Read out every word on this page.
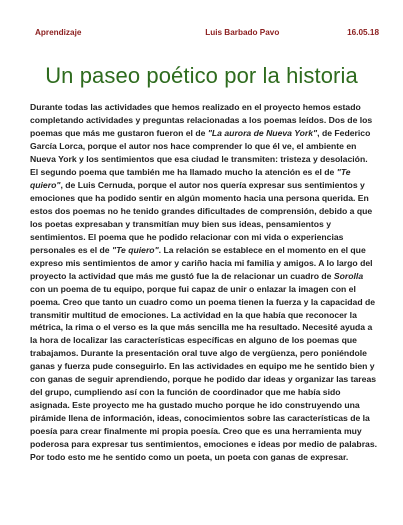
Aprendizaje	Luis Barbado Pavo	16.05.18
Un paseo poético por la historia

Durante todas las actividades que hemos realizado en el proyecto hemos estado completando actividades y preguntas relacionadas a los poemas leídos. Dos de los poemas que más me gustaron fueron el de "La aurora de Nueva York", de Federico García Lorca, porque el autor nos hace comprender lo que él ve, el ambiente en Nueva York y los sentimientos que esa ciudad le transmiten: tristeza y desolación. El segundo poema que también me ha llamado mucho la atención es el de "Te quiero", de Luis Cernuda, porque el autor nos quería expresar sus sentimientos y emociones que ha podido sentir en algún momento hacia una persona querida. En estos dos poemas no he tenido grandes dificultades de comprensión, debido a que los poetas expresaban y transmitían muy bien sus ideas, pensamientos y sentimientos. El poema que he podido relacionar con mi vida o experiencias personales es el de "Te quiero". La relación se establece en el momento en el que expreso mis sentimientos de amor y cariño hacia mi familia y amigos. A lo largo del proyecto la actividad que más me gustó fue la de relacionar un cuadro de Sorolla con un poema de tu equipo, porque fui capaz de unir o enlazar la imagen con el poema. Creo que tanto un cuadro como un poema tienen la fuerza y la capacidad de transmitir multitud de emociones. La actividad en la que había que reconocer la métrica, la rima o el verso es la que más sencilla me ha resultado. Necesité ayuda a la hora de localizar las características específicas en alguno de los poemas que trabajamos. Durante la presentación oral tuve algo de vergüenza, pero poniéndole ganas y fuerza pude conseguirlo. En las actividades en equipo me he sentido bien y con ganas de seguir aprendiendo, porque he podido dar ideas y organizar las tareas del grupo, cumpliendo así con la función de coordinador que me había sido asignada. Este proyecto me ha gustado mucho porque he ido construyendo una pirámide llena de información, ideas, conocimientos sobre las características de la poesía para crear finalmente mi propia poesía. Creo que es una herramienta muy poderosa para expresar tus sentimientos, emociones e ideas por medio de palabras. Por todo esto me he sentido como un poeta, un poeta con ganas de expresar.
